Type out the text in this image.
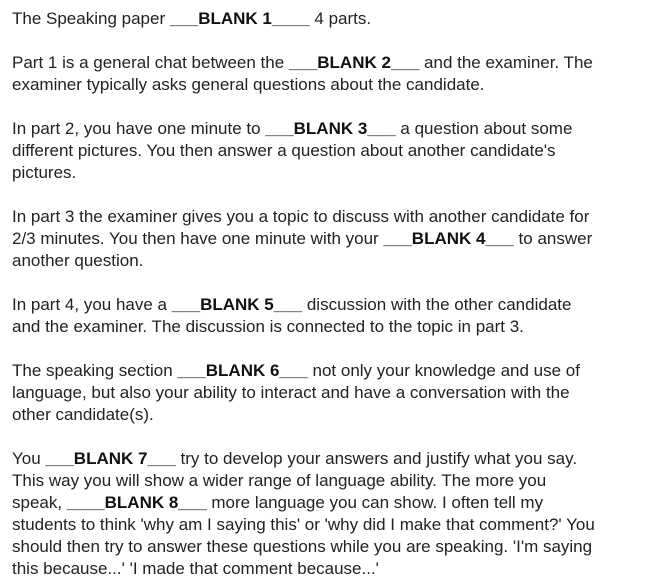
The Speaking paper ___BLANK 1____ 4 parts.
Part 1 is a general chat between the ___BLANK 2___ and the examiner. The
examiner typically asks general questions about the candidate.
In part 2, you have one minute to ___BLANK 3___ a question about some
different pictures. You then answer a question about another candidate's
pictures.
In part 3 the examiner gives you a topic to discuss with another candidate for
2/3 minutes. You then have one minute with your ___BLANK 4___ to answer
another question.
In part 4, you have a ___BLANK 5___ discussion with the other candidate
and the examiner. The discussion is connected to the topic in part 3.
The speaking section ___BLANK 6___ not only your knowledge and use of
language, but also your ability to interact and have a conversation with the
other candidate(s).
You ___BLANK 7___ try to develop your answers and justify what you say.
This way you will show a wider range of language ability. The more you
speak, ____BLANK 8___ more language you can show. I often tell my
students to think 'why am I saying this' or 'why did I make that comment?' You
should then try to answer these questions while you are speaking. 'I'm saying
this because...' 'I made that comment because...'
